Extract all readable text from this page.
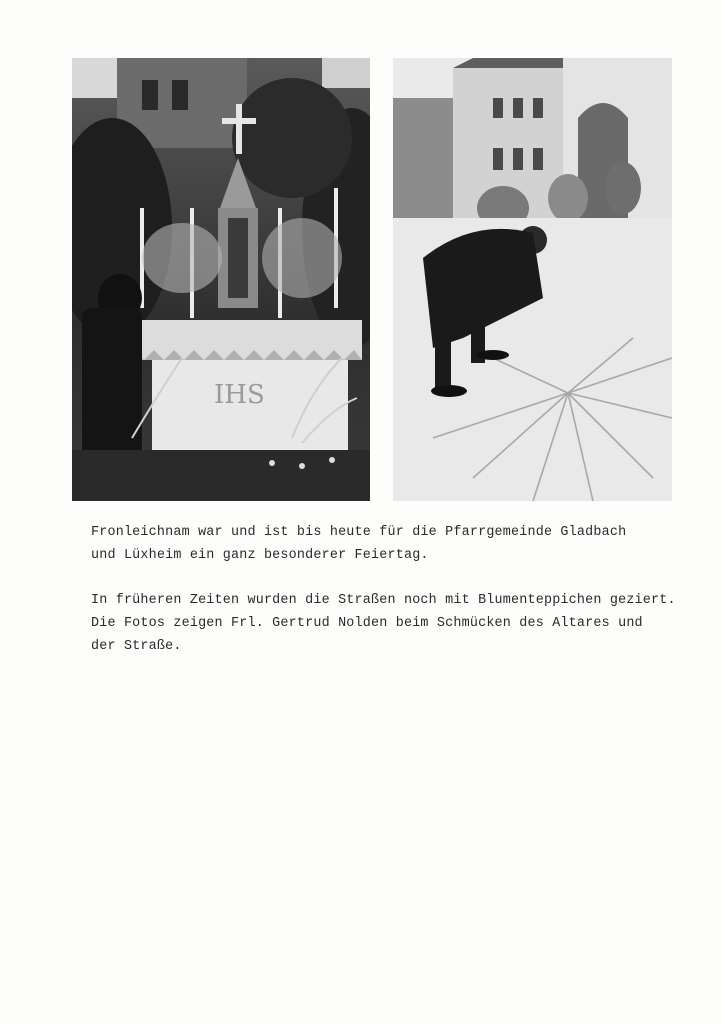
IHS
Fronleichnam war und ist bis heute für die Pfarrgemeinde Gladbach
und Lüxheim ein ganz besonderer Feiertag.
In früheren Zeiten wurden die Straßen noch mit Blumenteppichen geziert.
Die Fotos zeigen Frl. Gertrud Nolden beim Schmücken des Altares und
der Straße.
